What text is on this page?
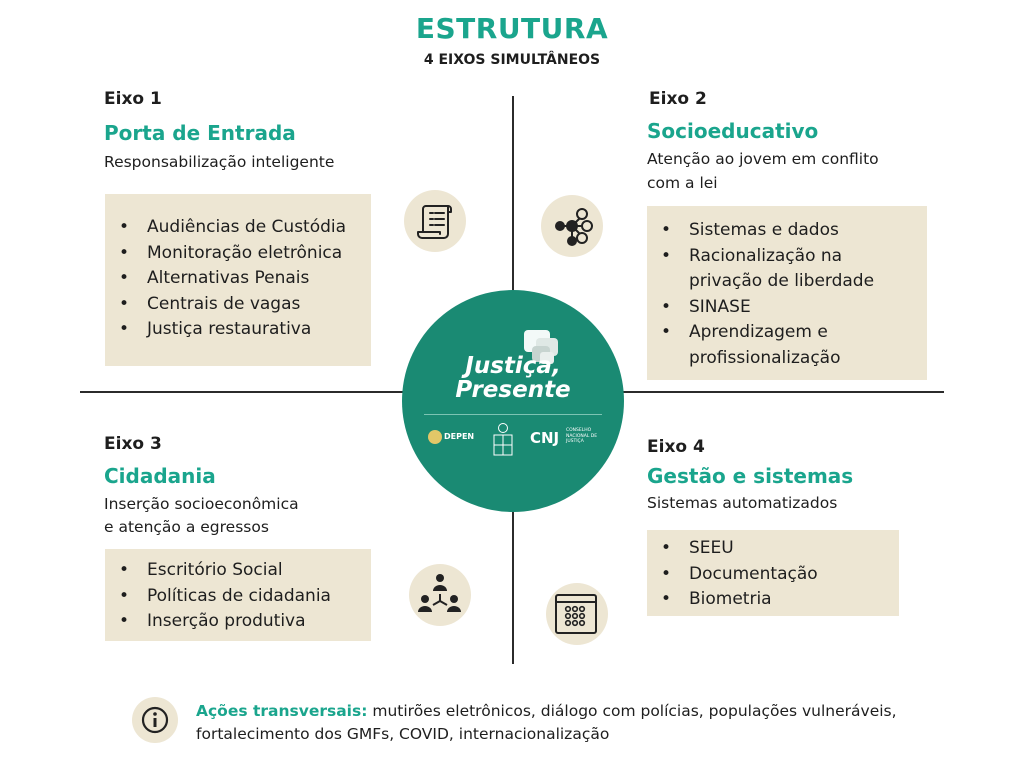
ESTRUTURA
4 EIXOS SIMULTÂNEOS
Eixo 1
Porta de Entrada
Responsabilização inteligente
• Audiências de Custódia
• Monitoração eletrônica
• Alternativas Penais
• Centrais de vagas
• Justiça restaurativa
Eixo 2
Socioeducativo
Atenção ao jovem em conflito
com a lei
• Sistemas e dados
• Racionalização na
privação de liberdade
• SINASE
• Aprendizagem e
profissionalização
Eixo 3
Cidadania
Inserção socioeconômica
e atenção a egressos
• Escritório Social
• Políticas de cidadania
• Inserção produtiva
Eixo 4
Gestão e sistemas
Sistemas automatizados
• SEEU
• Documentação
• Biometria
Justiça,
Presente
DEPEN	CNJ CONSELHO NACIONAL DE JUSTIÇA
Ações transversais: mutirões eletrônicos, diálogo com polícias, populações vulneráveis,
fortalecimento dos GMFs, COVID, internacionalização
